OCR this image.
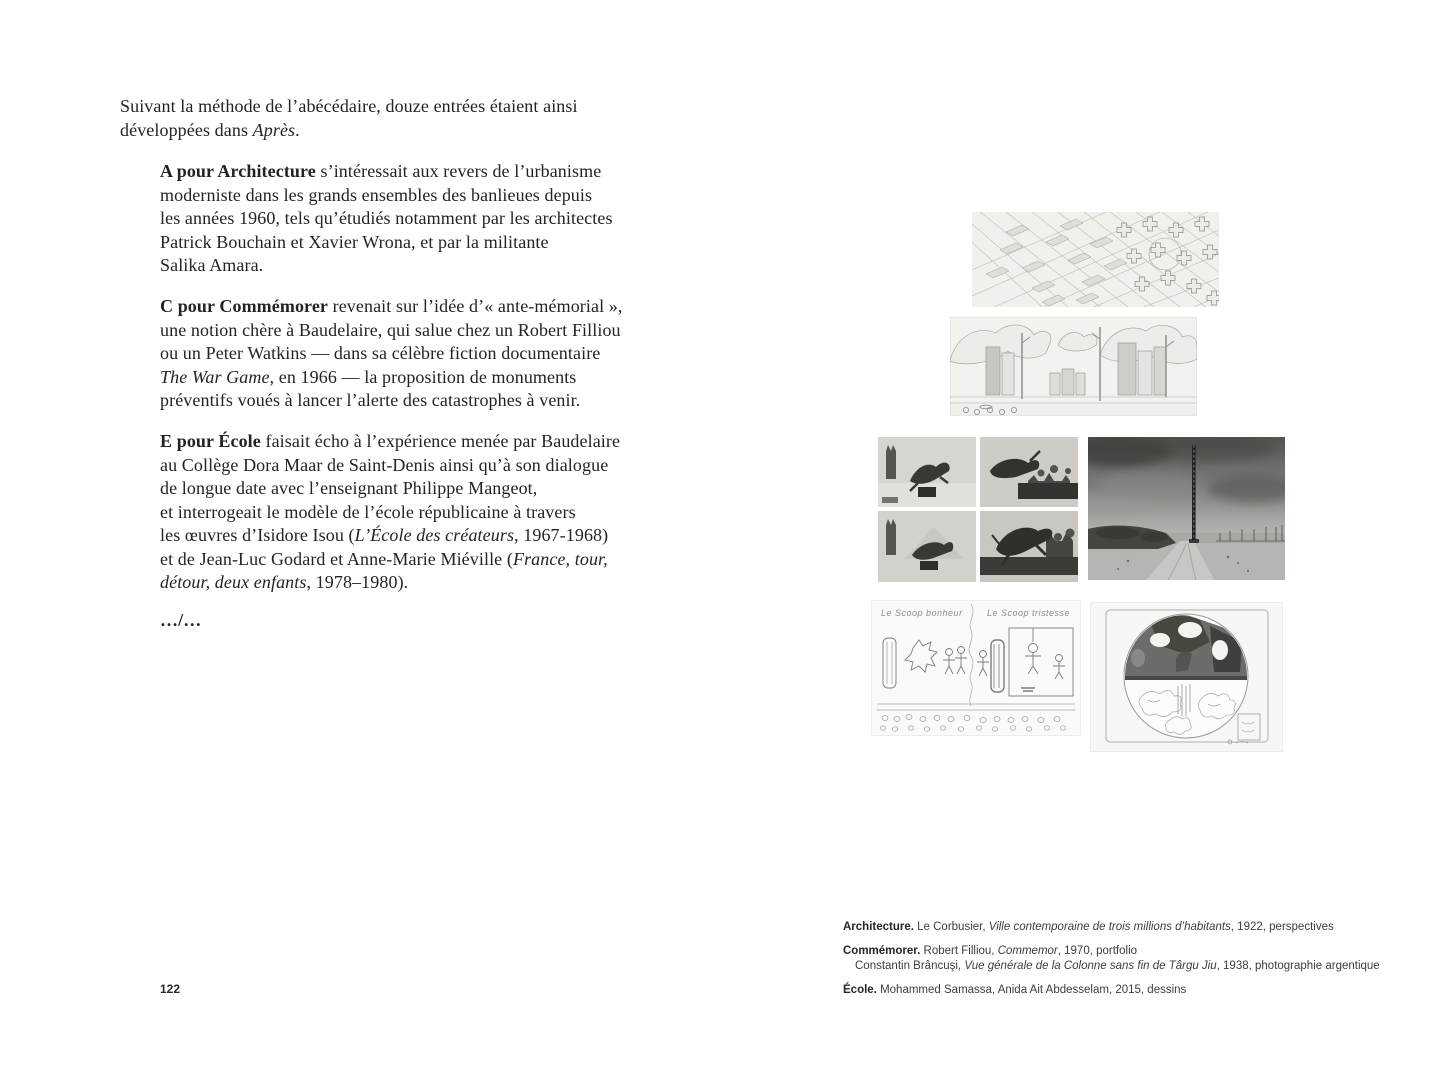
Suivant la méthode de l’abécédaire, douze entrées étaient ainsi
développées dans Après.
A pour Architecture s’intéressait aux revers de l’urbanisme
moderniste dans les grands ensembles des banlieues depuis
les années 1960, tels qu’étudiés notamment par les architectes
Patrick Bouchain et Xavier Wrona, et par la militante
Salika Amara.
C pour Commémorer revenait sur l’idée d’« ante-mémorial »,
une notion chère à Baudelaire, qui salue chez un Robert Filliou
ou un Peter Watkins — dans sa célèbre fiction documentaire
The War Game, en 1966 — la proposition de monuments
préventifs voués à lancer l’alerte des catastrophes à venir.
E pour École faisait écho à l’expérience menée par Baudelaire
au Collège Dora Maar de Saint-Denis ainsi qu’à son dialogue
de longue date avec l’enseignant Philippe Mangeot,
et interrogeait le modèle de l’école républicaine à travers
les œuvres d’Isidore Isou (L’École des créateurs, 1967-1968)
et de Jean-Luc Godard et Anne-Marie Miéville (France, tour,
détour, deux enfants, 1978–1980).
…/…	Le Scoop bonheur	Le Scoop tristesse
Architecture. Le Corbusier, Ville contemporaine de trois millions d’habitants, 1922, perspectives
Commémorer. Robert Filliou, Commemor, 1970, portfolio
Constantin Brâncuşi, Vue générale de la Colonne sans fin de Târgu Jiu, 1938, photographie argentique
École. Mohammed Samassa, Anida Ait Abdesselam, 2015, dessins
122
